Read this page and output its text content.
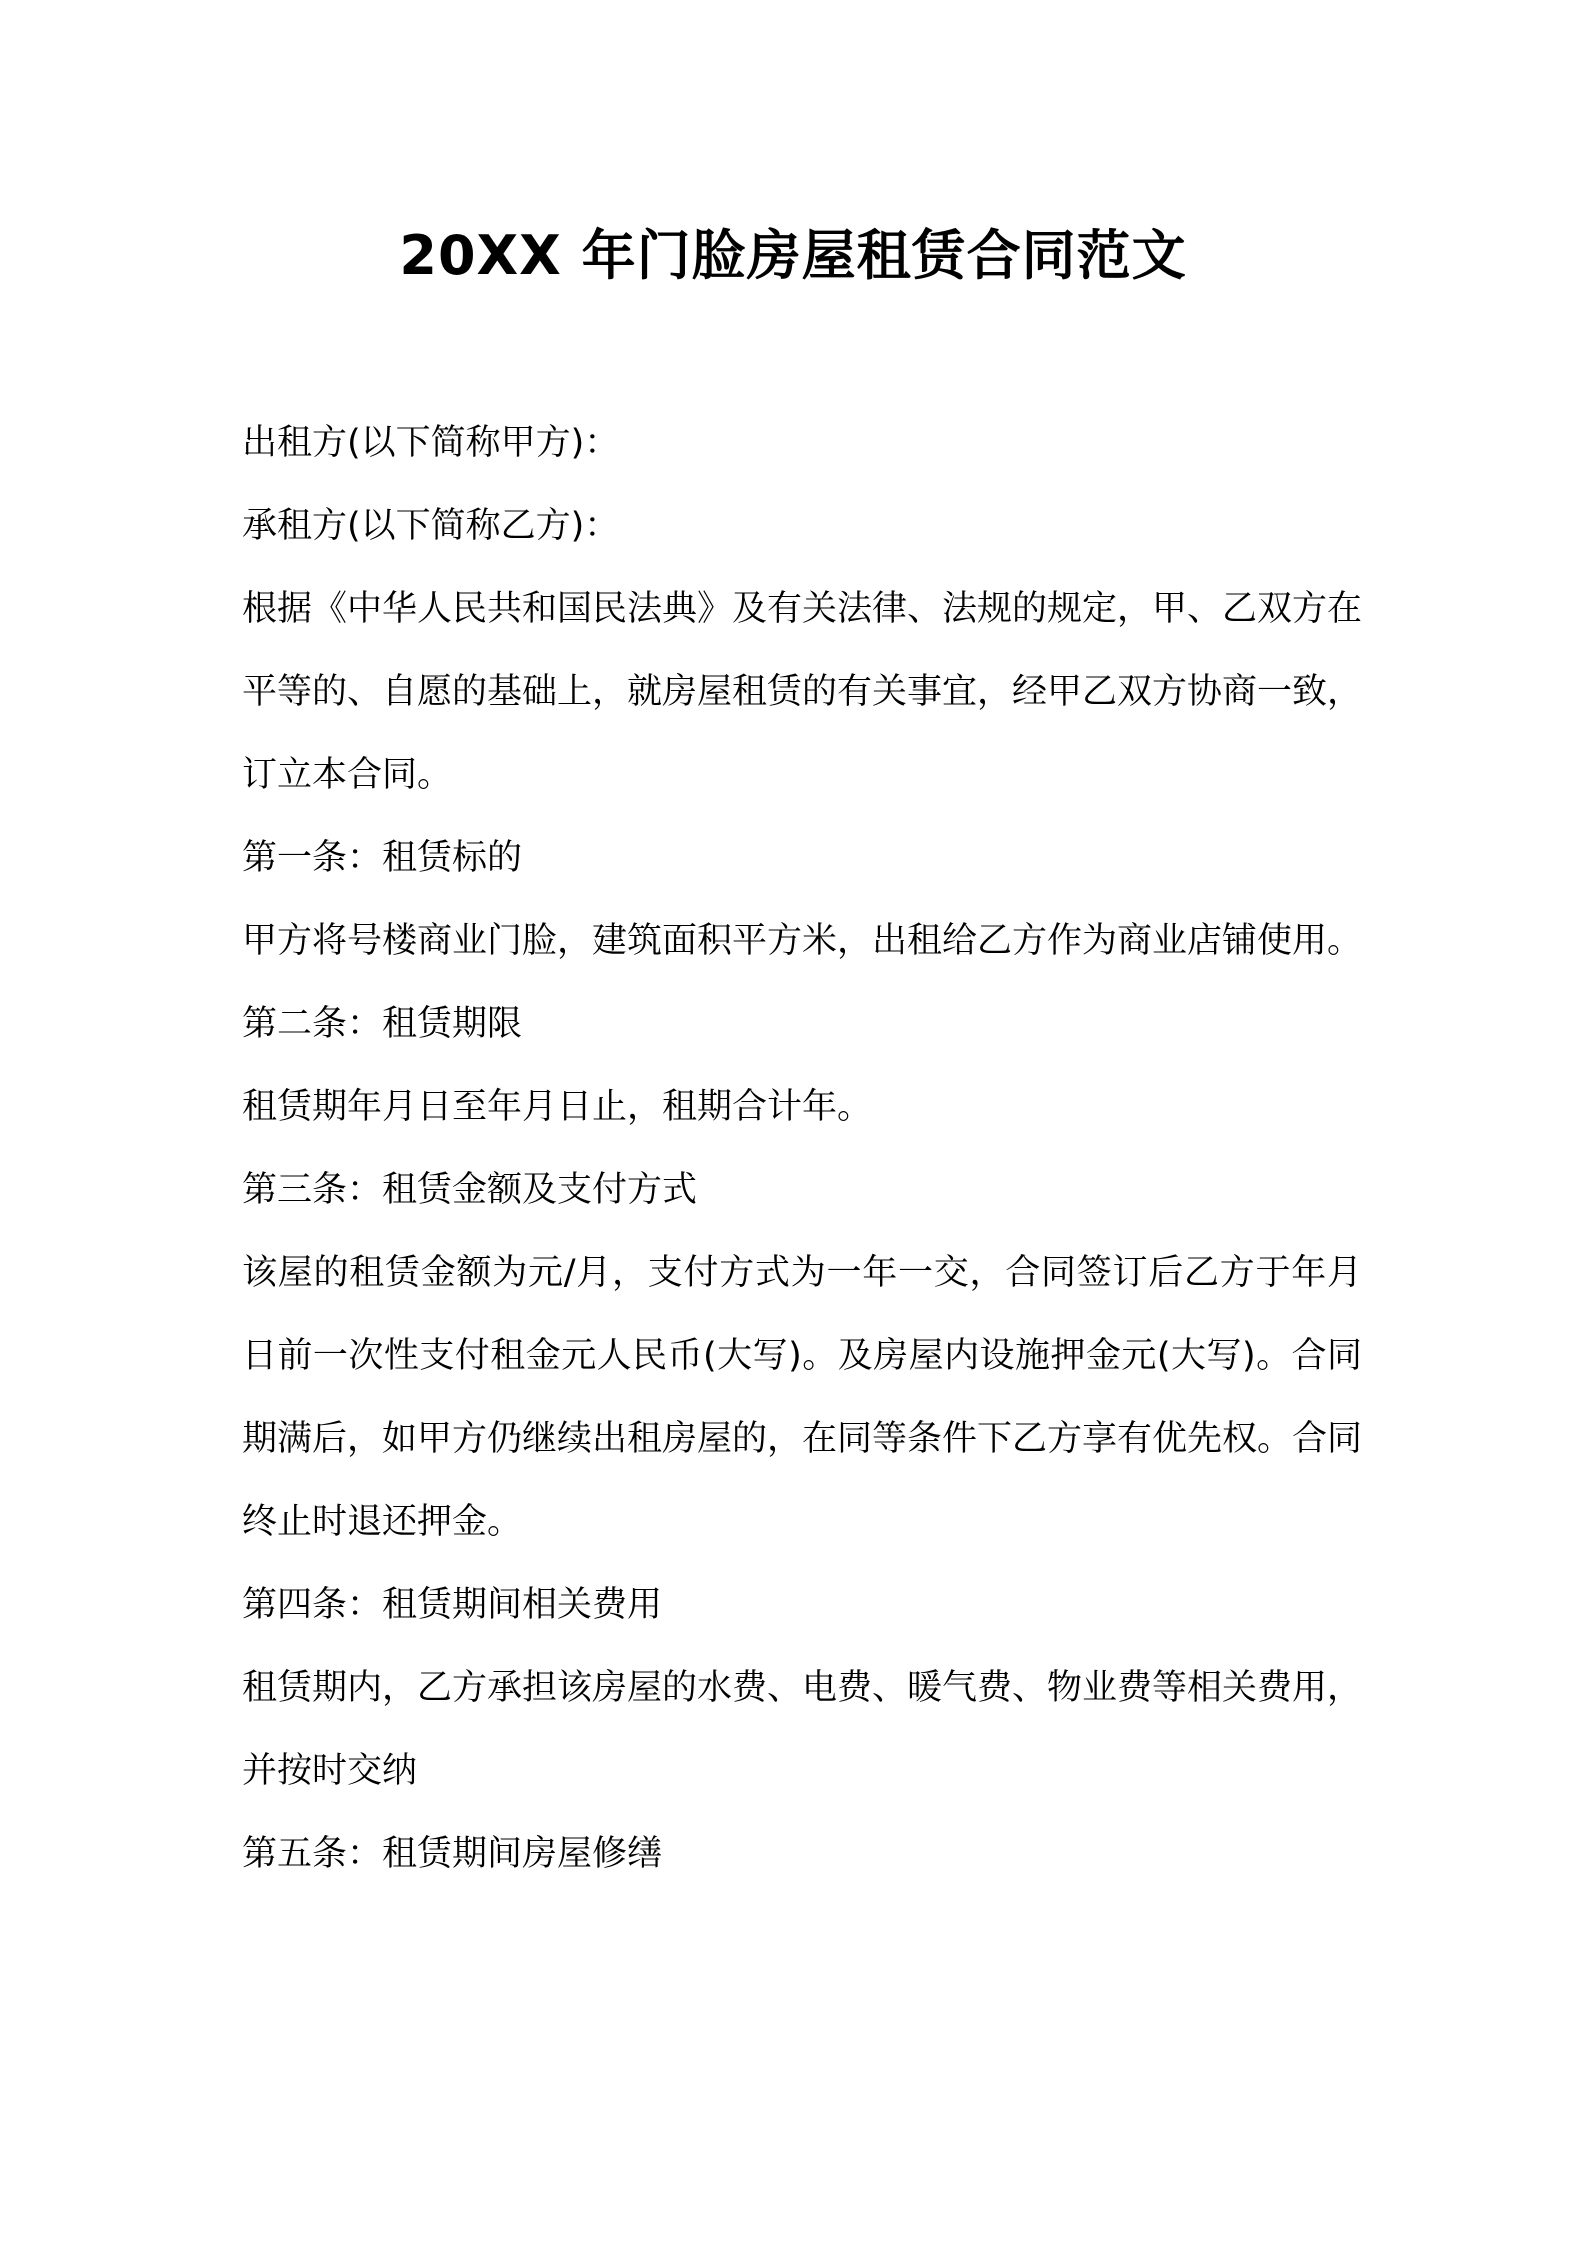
20XX 年门脸房屋租赁合同范文

出租方(以下简称甲方)：

承租方(以下简称乙方)：

根据《中华人民共和国民法典》及有关法律、法规的规定，甲、乙双方在平等的、自愿的基础上，就房屋租赁的有关事宜，经甲乙双方协商一致，订立本合同。

第一条：租赁标的

甲方将号楼商业门脸，建筑面积平方米，出租给乙方作为商业店铺使用。

第二条：租赁期限

租赁期年月日至年月日止，租期合计年。

第三条：租赁金额及支付方式

该屋的租赁金额为元/月，支付方式为一年一交，合同签订后乙方于年月日前一次性支付租金元人民币(大写)。及房屋内设施押金元(大写)。合同期满后，如甲方仍继续出租房屋的，在同等条件下乙方享有优先权。合同终止时退还押金。

第四条：租赁期间相关费用

租赁期内，乙方承担该房屋的水费、电费、暖气费、物业费等相关费用，并按时交纳

第五条：租赁期间房屋修缮
